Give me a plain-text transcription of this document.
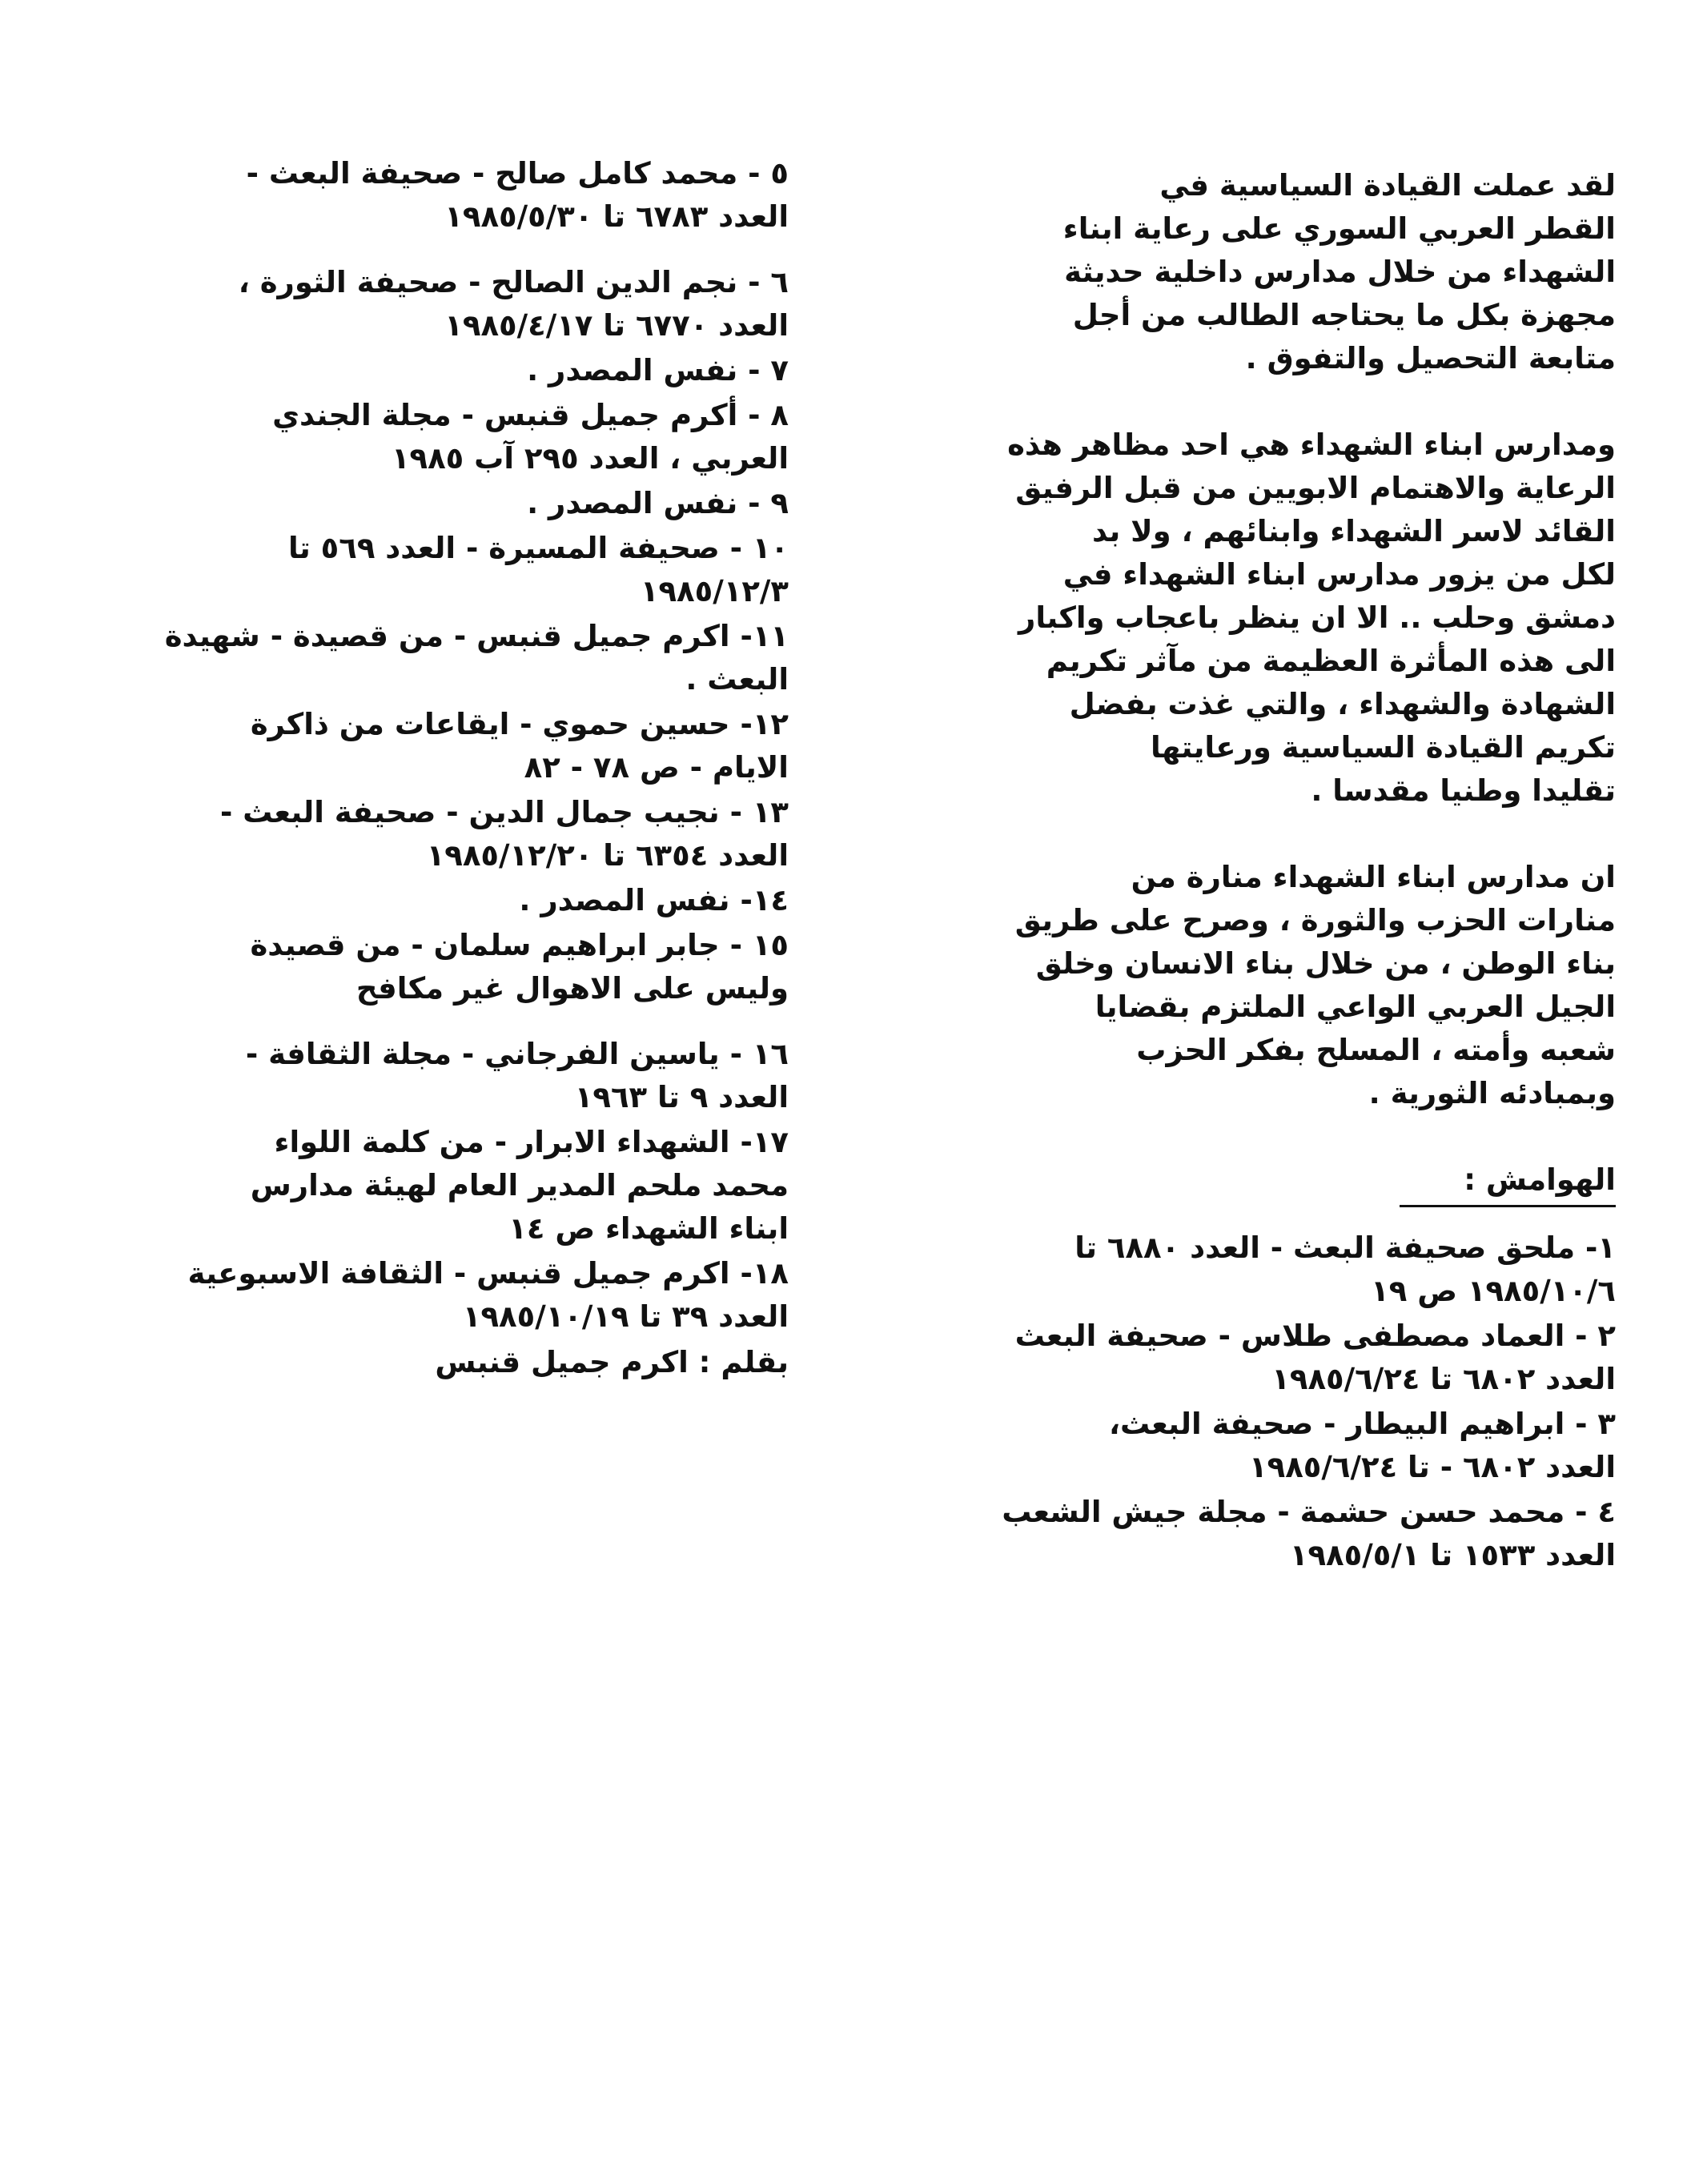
لقد عملت القيادة السياسية في
القطر العربي السوري على رعاية ابناء
الشهداء من خلال مدارس داخلية حديثة
مجهزة بكل ما يحتاجه الطالب من أجل
متابعة التحصيل والتفوق .
ومدارس ابناء الشهداء هي احد مظاهر هذه
الرعاية والاهتمام الابويين من قبل الرفيق
القائد لاسر الشهداء وابنائهم ، ولا بد
لكل من يزور مدارس ابناء الشهداء في
دمشق وحلب .. الا ان ينظر باعجاب واكبار
الى هذه المأثرة العظيمة من مآثر تكريم
الشهادة والشهداء ، والتي غذت بفضل
تكريم القيادة السياسية ورعايتها
تقليدا وطنيا مقدسا .
ان مدارس ابناء الشهداء منارة من
منارات الحزب والثورة ، وصرح على طريق
بناء الوطن ، من خلال بناء الانسان وخلق
الجيل العربي الواعي الملتزم بقضايا
شعبه وأمته ، المسلح بفكر الحزب
وبمبادئه الثورية .
الهوامش :
١- ملحق صحيفة البعث - العدد ٦٨٨٠ تا
١٩٨٥/١٠/٦ ص ١٩
٢ - العماد مصطفى طلاس - صحيفة البعث
العدد ٦٨٠٢ تا ١٩٨٥/٦/٢٤
٣ - ابراهيم البيطار - صحيفة البعث،
العدد ٦٨٠٢ - تا ١٩٨٥/٦/٢٤
٤ - محمد حسن حشمة - مجلة جيش الشعب
العدد ١٥٣٣ تا ١٩٨٥/٥/١
٥ - محمد كامل صالح - صحيفة البعث -
العدد ٦٧٨٣ تا ١٩٨٥/٥/٣٠
٦ - نجم الدين الصالح - صحيفة الثورة ،
العدد ٦٧٧٠ تا ١٩٨٥/٤/١٧
٧ - نفس المصدر .
٨ - أكرم جميل قنبس - مجلة الجندي
العربي ، العدد ٢٩٥ آب ١٩٨٥
٩ - نفس المصدر .
١٠ - صحيفة المسيرة - العدد ٥٦٩ تا
١٩٨٥/١٢/٣
١١- اكرم جميل قنبس - من قصيدة - شهيدة
البعث .
١٢- حسين حموي - ايقاعات من ذاكرة
الايام - ص ٧٨ - ٨٢
١٣ - نجيب جمال الدين - صحيفة البعث -
العدد ٦٣٥٤ تا ١٩٨٥/١٢/٢٠
١٤- نفس المصدر .
١٥ - جابر ابراهيم سلمان - من قصيدة
وليس على الاهوال غير مكافح
١٦ - ياسين الفرجاني - مجلة الثقافة -
العدد ٩ تا ١٩٦٣
١٧- الشهداء الابرار - من كلمة اللواء
محمد ملحم المدير العام لهيئة مدارس
ابناء الشهداء ص ١٤
١٨- اكرم جميل قنبس - الثقافة الاسبوعية
العدد ٣٩ تا ١٩٨٥/١٠/١٩
بقلم : اكرم جميل قنبس
